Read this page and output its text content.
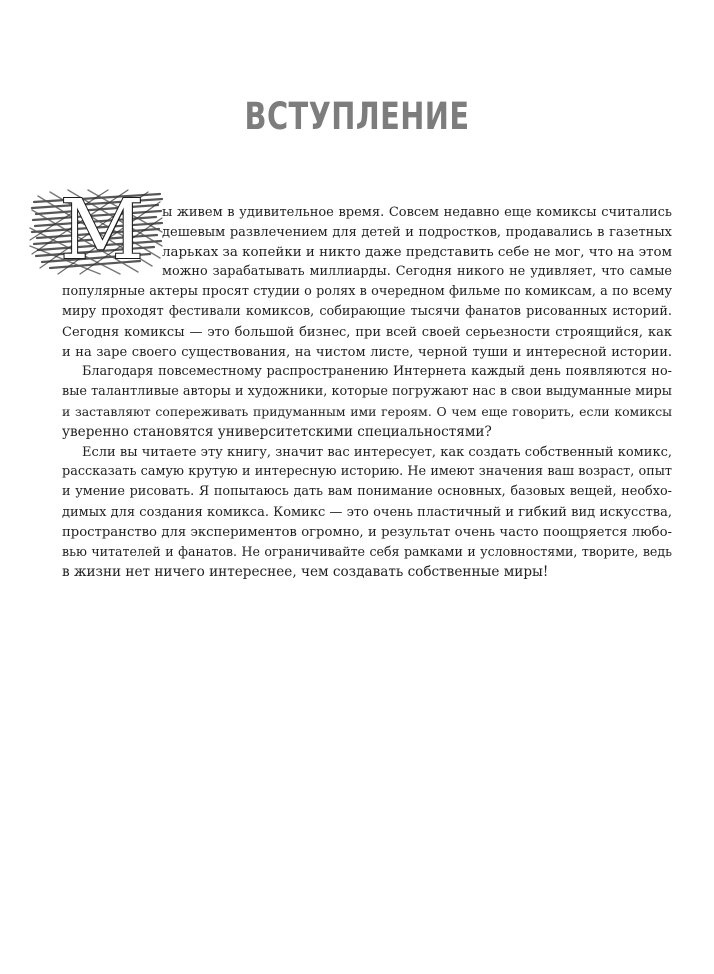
ВСТУПЛЕНИЕ
М ы живем в удивительное время. Совсем недавно еще комиксы считались
дешевым развлечением для детей и подростков, продавались в газетных
ларьках за копейки и никто даже представить себе не мог, что на этом
можно зарабатывать миллиарды. Сегодня никого не удивляет, что самые
популярные актеры просят студии о ролях в очередном фильме по комиксам, а по всему
миру проходят фестивали комиксов, собирающие тысячи фанатов рисованных историй.
Сегодня комиксы — это большой бизнес, при всей своей серьезности строящийся, как
и на заре своего существования, на чистом листе, черной туши и интересной истории.
Благодаря повсеместному распространению Интернета каждый день появляются но-
вые талантливые авторы и художники, которые погружают нас в свои выдуманные миры
и заставляют сопереживать придуманным ими героям. О чем еще говорить, если комиксы
уверенно становятся университетскими специальностями?
Если вы читаете эту книгу, значит вас интересует, как создать собственный комикс,
рассказать самую крутую и интересную историю. Не имеют значения ваш возраст, опыт
и умение рисовать. Я попытаюсь дать вам понимание основных, базовых вещей, необхо-
димых для создания комикса. Комикс — это очень пластичный и гибкий вид искусства,
пространство для экспериментов огромно, и результат очень часто поощряется любо-
вью читателей и фанатов. Не ограничивайте себя рамками и условностями, творите, ведь
в жизни нет ничего интереснее, чем создавать собственные миры!
